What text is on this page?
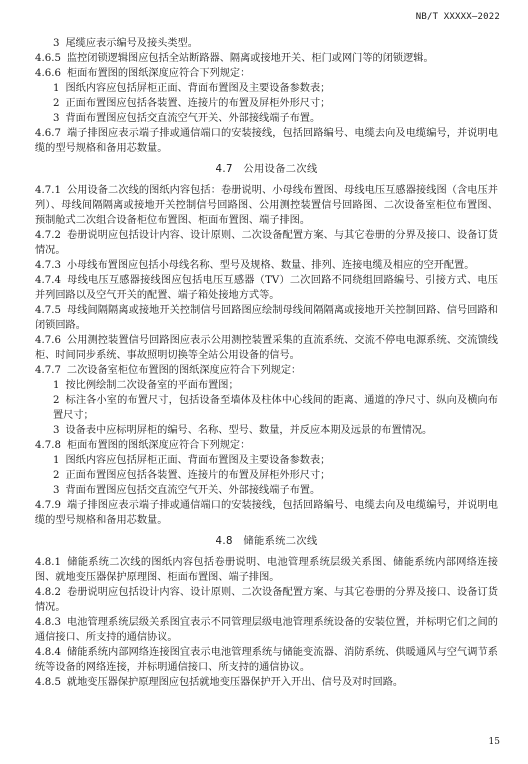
NB/T XXXXX—2022

3 尾缆应表示编号及接头类型。

4.6.5 监控闭锁逻辑图应包括全站断路器、隔离或接地开关、柜门或网门等的闭锁逻辑。

4.6.6 柜面布置图的图纸深度应符合下列规定：

1 图纸内容应包括屏柜正面、背面布置图及主要设备参数表；

2 正面布置图应包括各装置、连接片的布置及屏柜外形尺寸；

3 背面布置图应包括交直流空气开关、外部接线端子布置。

4.6.7 端子排图应表示端子排或通信端口的安装接线，包括回路编号、电缆去向及电缆编号，并说明电缆的型号规格和备用芯数量。

4.7　公用设备二次线

4.7.1 公用设备二次线的图纸内容包括：卷册说明、小母线布置图、母线电压互感器接线图（含电压并列）、母线间隔隔离或接地开关控制信号回路图、公用测控装置信号回路图、二次设备室柜位布置图、预制舱式二次组合设备柜位布置图、柜面布置图、端子排图。

4.7.2 卷册说明应包括设计内容、设计原则、二次设备配置方案、与其它卷册的分界及接口、设备订货情况。

4.7.3 小母线布置图应包括小母线名称、型号及规格、数量、排列、连接电缆及相应的空开配置。

4.7.4 母线电压互感器接线图应包括电压互感器（TV）二次回路不同绕组回路编号、引接方式、电压并列回路以及空气开关的配置、端子箱处接地方式等。

4.7.5 母线间隔隔离或接地开关控制信号回路图应绘制母线间隔隔离或接地开关控制回路、信号回路和闭锁回路。

4.7.6 公用测控装置信号回路图应表示公用测控装置采集的直流系统、交流不停电电源系统、交流馈线柜、时间同步系统、事故照明切换等全站公用设备的信号。

4.7.7 二次设备室柜位布置图的图纸深度应符合下列规定：

1 按比例绘制二次设备室的平面布置图；

2 标注各小室的布置尺寸，包括设备至墙体及柱体中心线间的距离、通道的净尺寸、纵向及横向布置尺寸；

3 设备表中应标明屏柜的编号、名称、型号、数量，并反应本期及远景的布置情况。

4.7.8 柜面布置图的图纸深度应符合下列规定：

1 图纸内容应包括屏柜正面、背面布置图及主要设备参数表；

2 正面布置图应包括各装置、连接片的布置及屏柜外形尺寸；

3 背面布置图应包括交直流空气开关、外部接线端子布置。

4.7.9 端子排图应表示端子排或通信端口的安装接线，包括回路编号、电缆去向及电缆编号，并说明电缆的型号规格和备用芯数量。

4.8　储能系统二次线

4.8.1 储能系统二次线的图纸内容包括卷册说明、电池管理系统层级关系图、储能系统内部网络连接图、就地变压器保护原理图、柜面布置图、端子排图。

4.8.2 卷册说明应包括设计内容、设计原则、二次设备配置方案、与其它卷册的分界及接口、设备订货情况。

4.8.3 电池管理系统层级关系图宜表示不同管理层级电池管理系统设备的安装位置，并标明它们之间的通信接口、所支持的通信协议。

4.8.4 储能系统内部网络连接图宜表示电池管理系统与储能变流器、消防系统、供暖通风与空气调节系统等设备的网络连接，并标明通信接口、所支持的通信协议。

4.8.5 就地变压器保护原理图应包括就地变压器保护开入开出、信号及对时回路。

15
